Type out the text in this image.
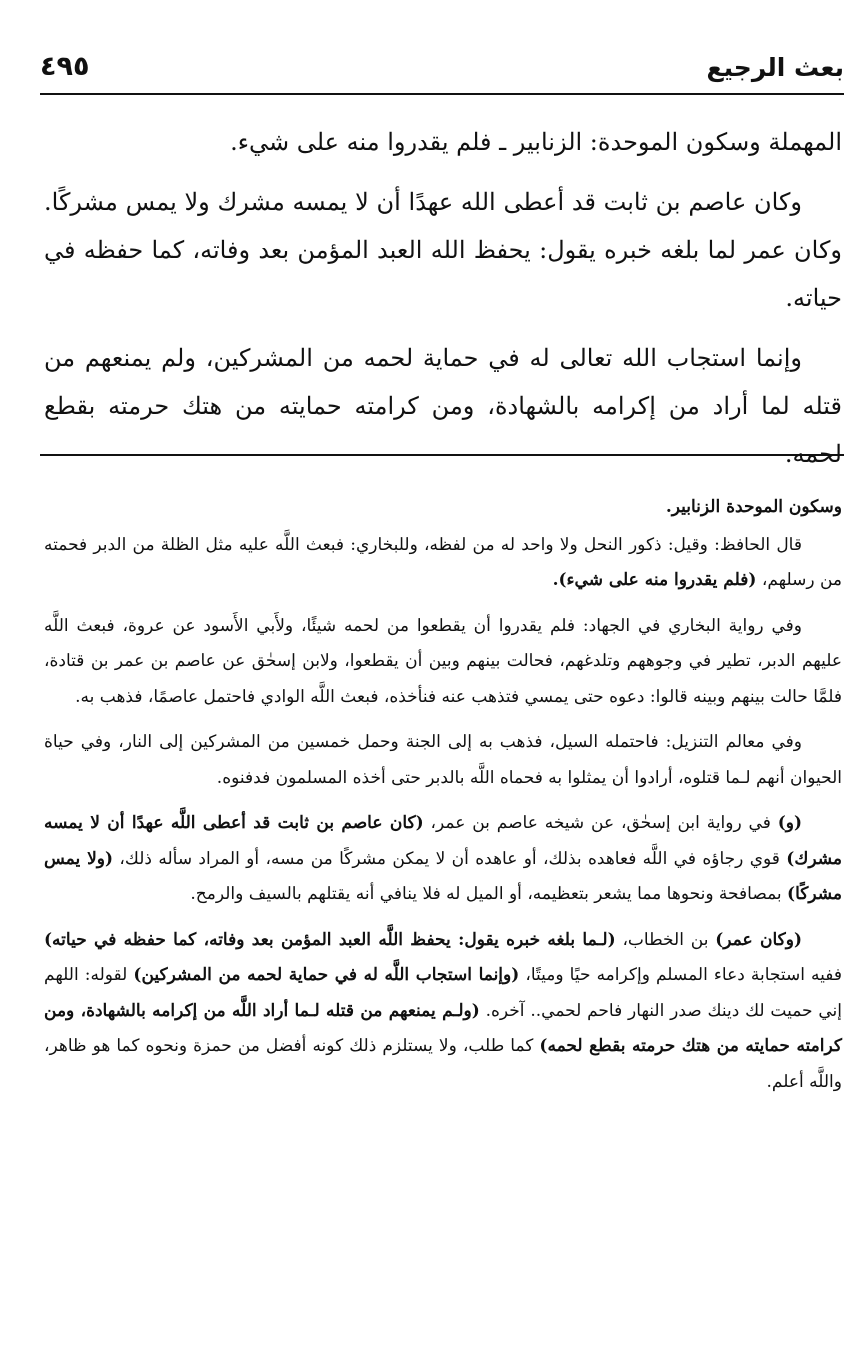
بعث الرجيع
٤٩٥

المهملة وسكون الموحدة: الزنابير ـ فلم يقدروا منه على شيء.

وكان عاصم بن ثابت قد أعطى الله عهدًا أن لا يمسه مشرك ولا يمس مشركًا. وكان عمر لما بلغه خبره يقول: يحفظ الله العبد المؤمن بعد وفاته، كما حفظه في حياته.

وإنما استجاب الله تعالى له في حماية لحمه من المشركين، ولم يمنعهم من قتله لما أراد من إكرامه بالشهادة، ومن كرامته حمايته من هتك حرمته بقطع لحمه.

وسكون الموحدة الزنابير.

قال الحافظ: وقيل: ذكور النحل ولا واحد له من لفظه، وللبخاري: فبعث اللَّه عليه مثل الظلة من الدبر فحمته من رسلهم، (فلم يقدروا منه على شيء).

وفي رواية البخاري في الجهاد: فلم يقدروا أن يقطعوا من لحمه شيئًا، ولأَبي الأَسود عن عروة، فبعث اللَّه عليهم الدبر، تطير في وجوههم وتلدغهم، فحالت بينهم وبين أن يقطعوا، ولابن إسحٰق عن عاصم بن عمر بن قتادة، فلمَّا حالت بينهم وبينه قالوا: دعوه حتى يمسي فتذهب عنه فنأخذه، فبعث اللَّه الوادي فاحتمل عاصمًا، فذهب به.

وفي معالم التنزيل: فاحتمله السيل، فذهب به إلى الجنة وحمل خمسين من المشركين إلى النار، وفي حياة الحيوان أنهم لـما قتلوه، أرادوا أن يمثلوا به فحماه اللَّه بالدبر حتى أخذه المسلمون فدفنوه.

(و) في رواية ابن إسحٰق، عن شيخه عاصم بن عمر، (كان عاصم بن ثابت قد أعطى اللَّه عهدًا أن لا يمسه مشرك) قوي رجاؤه في اللَّه فعاهده بذلك، أو عاهده أن لا يمكن مشركًا من مسه، أو المراد سأله ذلك، (ولا يمس مشركًا) بمصافحة ونحوها مما يشعر بتعظيمه، أو الميل له فلا ينافي أنه يقتلهم بالسيف والرمح.

(وكان عمر) بن الخطاب، (لـما بلغه خبره يقول: يحفظ اللَّه العبد المؤمن بعد وفاته، كما حفظه في حياته) ففيه استجابة دعاء المسلم وإكرامه حيًا وميتًا، (وإنما استجاب اللَّه له في حماية لحمه من المشركين) لقوله: اللهم إني حميت لك دينك صدر النهار فاحم لحمي.. آخره. (ولـم يمنعهم من قتله لـما أراد اللَّه من إكرامه بالشهادة، ومن كرامته حمايته من هتك حرمته بقطع لحمه) كما طلب، ولا يستلزم ذلك كونه أفضل من حمزة ونحوه كما هو ظاهر، واللَّه أعلم.
